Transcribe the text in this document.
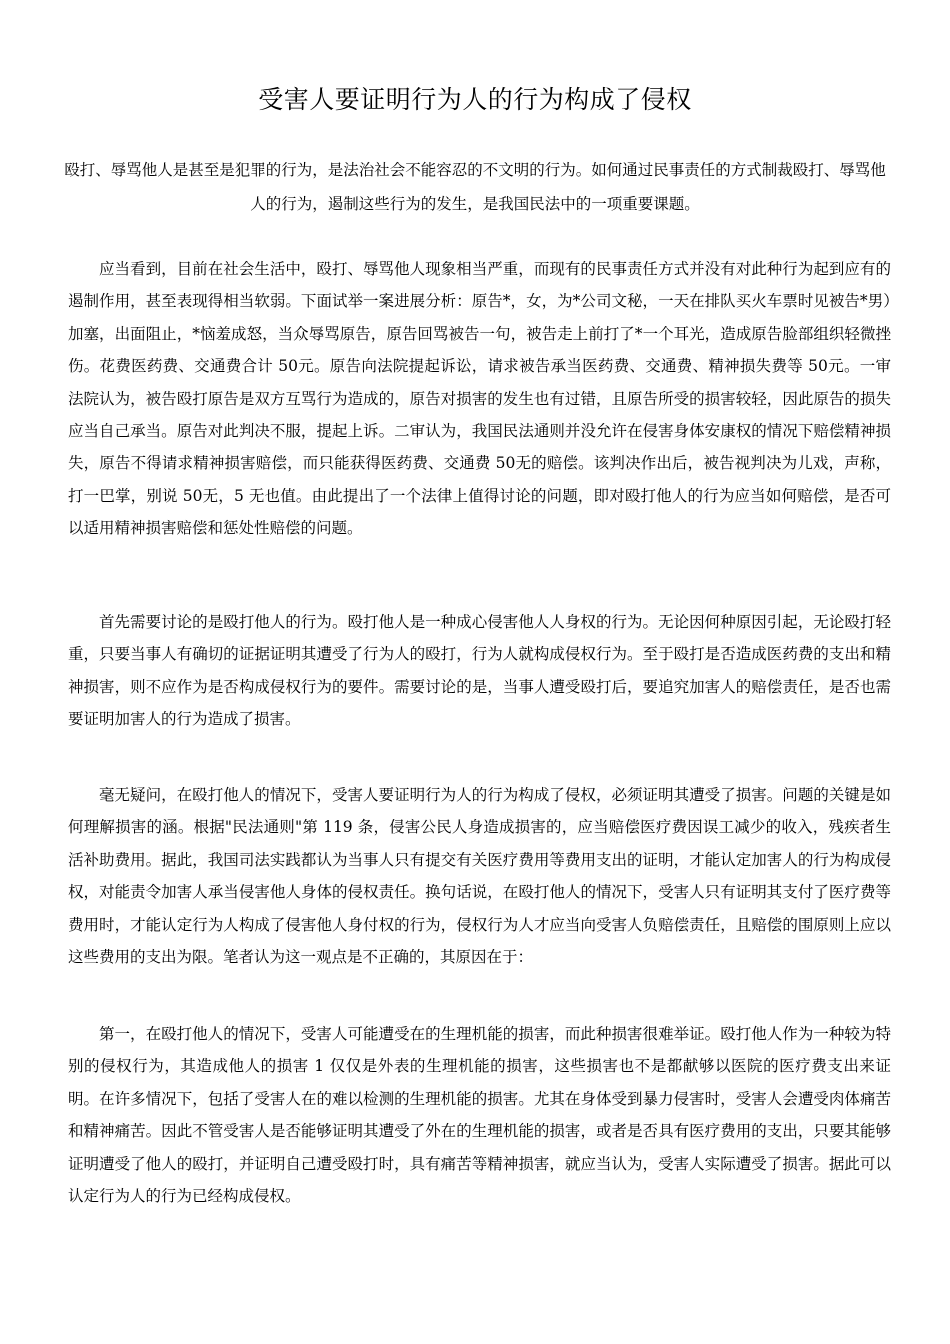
受害人要证明行为人的行为构成了侵权

殴打、辱骂他人是甚至是犯罪的行为，是法治社会不能容忍的不文明的行为。如何通过民事责任的方式制裁殴打、辱骂他人的行为，遏制这些行为的发生，是我国民法中的一项重要课题。

应当看到，目前在社会生活中，殴打、辱骂他人现象相当严重，而现有的民事责任方式并没有对此种行为起到应有的遏制作用，甚至表现得相当软弱。下面试举一案进展分析：原告*，女，为*公司文秘，一天在排队买火车票时见被告*男）加塞，出面阻止，*恼羞成怒，当众辱骂原告，原告回骂被告一句，被告走上前打了*一个耳光，造成原告脸部组织轻微挫伤。花费医药费、交通费合计 50元。原告向法院提起诉讼，请求被告承当医药费、交通费、精神损失费等 50元。一审法院认为，被告殴打原告是双方互骂行为造成的，原告对损害的发生也有过错，且原告所受的损害较轻，因此原告的损失应当自己承当。原告对此判决不服，提起上诉。二审认为，我国民法通则并没允许在侵害身体安康权的情况下赔偿精神损失，原告不得请求精神损害赔偿，而只能获得医药费、交通费 50无的赔偿。该判决作出后，被告视判决为儿戏，声称，打一巴掌，别说 50无，5 无也值。由此提出了一个法律上值得讨论的问题，即对殴打他人的行为应当如何赔偿，是否可以适用精神损害赔偿和惩处性赔偿的问题。

首先需要讨论的是殴打他人的行为。殴打他人是一种成心侵害他人人身权的行为。无论因何种原因引起，无论殴打轻重，只要当事人有确切的证据证明其遭受了行为人的殴打，行为人就构成侵权行为。至于殴打是否造成医药费的支出和精神损害，则不应作为是否构成侵权行为的要件。需要讨论的是，当事人遭受殴打后，要追究加害人的赔偿责任，是否也需要证明加害人的行为造成了损害。

毫无疑问，在殴打他人的情况下，受害人要证明行为人的行为构成了侵权，必须证明其遭受了损害。问题的关键是如何理解损害的涵。根据"民法通则"第 119 条，侵害公民人身造成损害的，应当赔偿医疗费因误工减少的收入，残疾者生活补助费用。据此，我国司法实践都认为当事人只有提交有关医疗费用等费用支出的证明，才能认定加害人的行为构成侵权，对能责令加害人承当侵害他人身体的侵权责任。换句话说，在殴打他人的情况下，受害人只有证明其支付了医疗费等费用时，才能认定行为人构成了侵害他人身付权的行为，侵权行为人才应当向受害人负赔偿责任，且赔偿的围原则上应以这些费用的支出为限。笔者认为这一观点是不正确的，其原因在于：

第一，在殴打他人的情况下，受害人可能遭受在的生理机能的损害，而此种损害很难举证。殴打他人作为一种较为特别的侵权行为，其造成他人的损害 1 仅仅是外表的生理机能的损害，这些损害也不是都献够以医院的医疗费支出来证明。在许多情况下，包括了受害人在的难以检测的生理机能的损害。尤其在身体受到暴力侵害时，受害人会遭受肉体痛苦和精神痛苦。因此不管受害人是否能够证明其遭受了外在的生理机能的损害，或者是否具有医疗费用的支出，只要其能够证明遭受了他人的殴打，并证明自己遭受殴打时，具有痛苦等精神损害，就应当认为，受害人实际遭受了损害。据此可以认定行为人的行为已经构成侵权。
